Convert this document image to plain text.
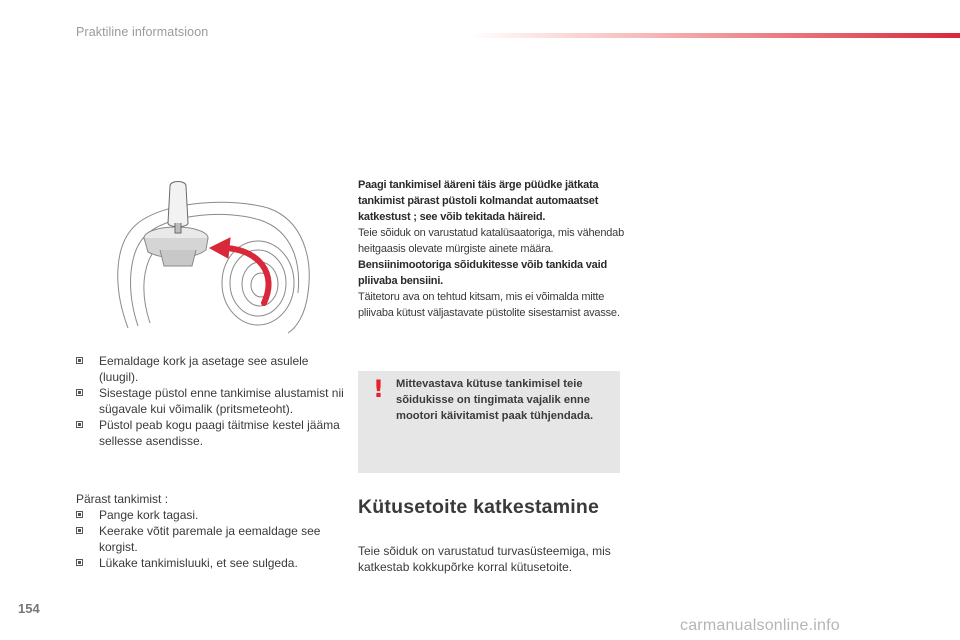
Praktiline informatsioon
Eemaldage kork ja asetage see asulele (luugil).
Sisestage püstol enne tankimise alustamist nii sügavale kui võimalik (pritsmeteoht).
Püstol peab kogu paagi täitmise kestel jääma sellesse asendisse.
Pärast tankimist :
Pange kork tagasi.
Keerake võtit paremale ja eemaldage see korgist.
Lükake tankimisluuki, et see sulgeda.

Paagi tankimisel ääreni täis ärge püüdke jätkata tankimist pärast püstoli kolmandat automaatset katkestust ; see võib tekitada häireid.

Teie sõiduk on varustatud katalüsaatoriga, mis vähendab heitgaasis olevate mürgiste ainete määra.

Bensiinimootoriga sõidukitesse võib tankida vaid pliivaba bensiini.

Täitetoru ava on tehtud kitsam, mis ei võimalda mitte pliivaba kütust väljastavate püstolite sisestamist avasse.

! Mittevastava kütuse tankimisel teie sõidukisse on tingimata vajalik enne mootori käivitamist paak tühjendada.
Kütusetoite katkestamine
Teie sõiduk on varustatud turvasüsteemiga, mis katkestab kokkupõrke korral kütusetoite.
154
carmanualsonline.info
